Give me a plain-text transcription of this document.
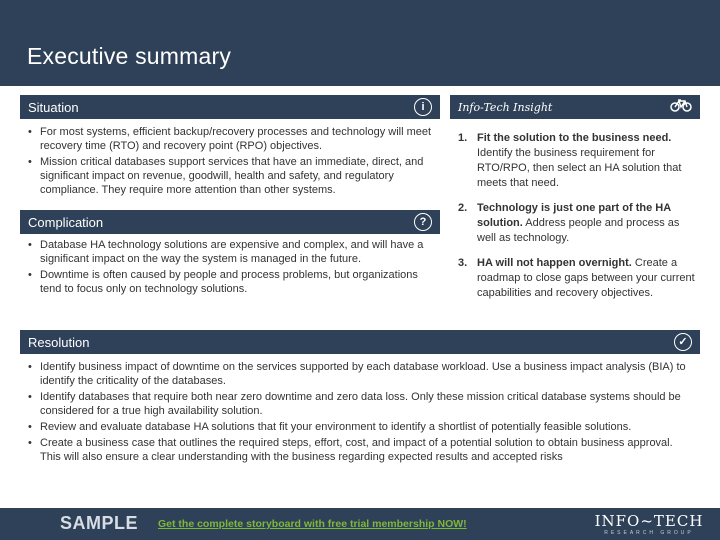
Executive summary
Situation	i
• For most systems, efficient backup/recovery processes and technology will meet recovery time (RTO) and recovery point (RPO) objectives.
• Mission critical databases support services that have an immediate, direct, and significant impact on revenue, goodwill, health and safety, and regulatory compliance. They require more attention than other systems.
Complication	?
• Database HA technology solutions are expensive and complex, and will have a significant impact on the way the system is managed in the future.
• Downtime is often caused by people and process problems, but organizations tend to focus only on technology solutions.
Info-Tech Insight
1. Fit the solution to the business need. Identify the business requirement for RTO/RPO, then select an HA solution that meets that need.
2. Technology is just one part of the HA solution. Address people and process as well as technology.
3. HA will not happen overnight. Create a roadmap to close gaps between your current capabilities and recovery objectives.
Resolution	✓
• Identify business impact of downtime on the services supported by each database workload. Use a business impact analysis (BIA) to identify the criticality of the databases.
• Identify databases that require both near zero downtime and zero data loss. Only these mission critical database systems should be considered for a true high availability solution.
• Review and evaluate database HA solutions that fit your environment to identify a shortlist of potentially feasible solutions.
• Create a business case that outlines the required steps, effort, cost, and impact of a potential solution to obtain business approval. This will also ensure a clear understanding with the business regarding expected results and accepted risks
SAMPLE Get the complete storyboard with free trial membership NOW!	INFO~TECH
RESEARCH GROUP
